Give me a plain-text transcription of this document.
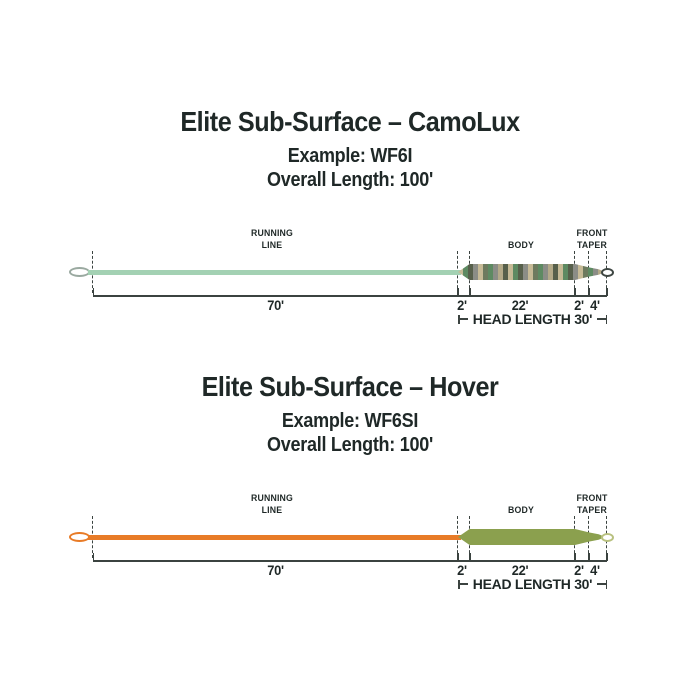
Elite Sub-Surface – CamoLux
Example: WF6I
Overall Length: 100'
RUNNING
LINE	BODY
FRONT
TAPER
70'	2'	22'	2' 4'
HEAD LENGTH 30'
Elite Sub-Surface – Hover
Example: WF6SI
Overall Length: 100'
RUNNING
LINE	BODY
FRONT
TAPER
70'	2'	22'	2' 4'
HEAD LENGTH 30'
